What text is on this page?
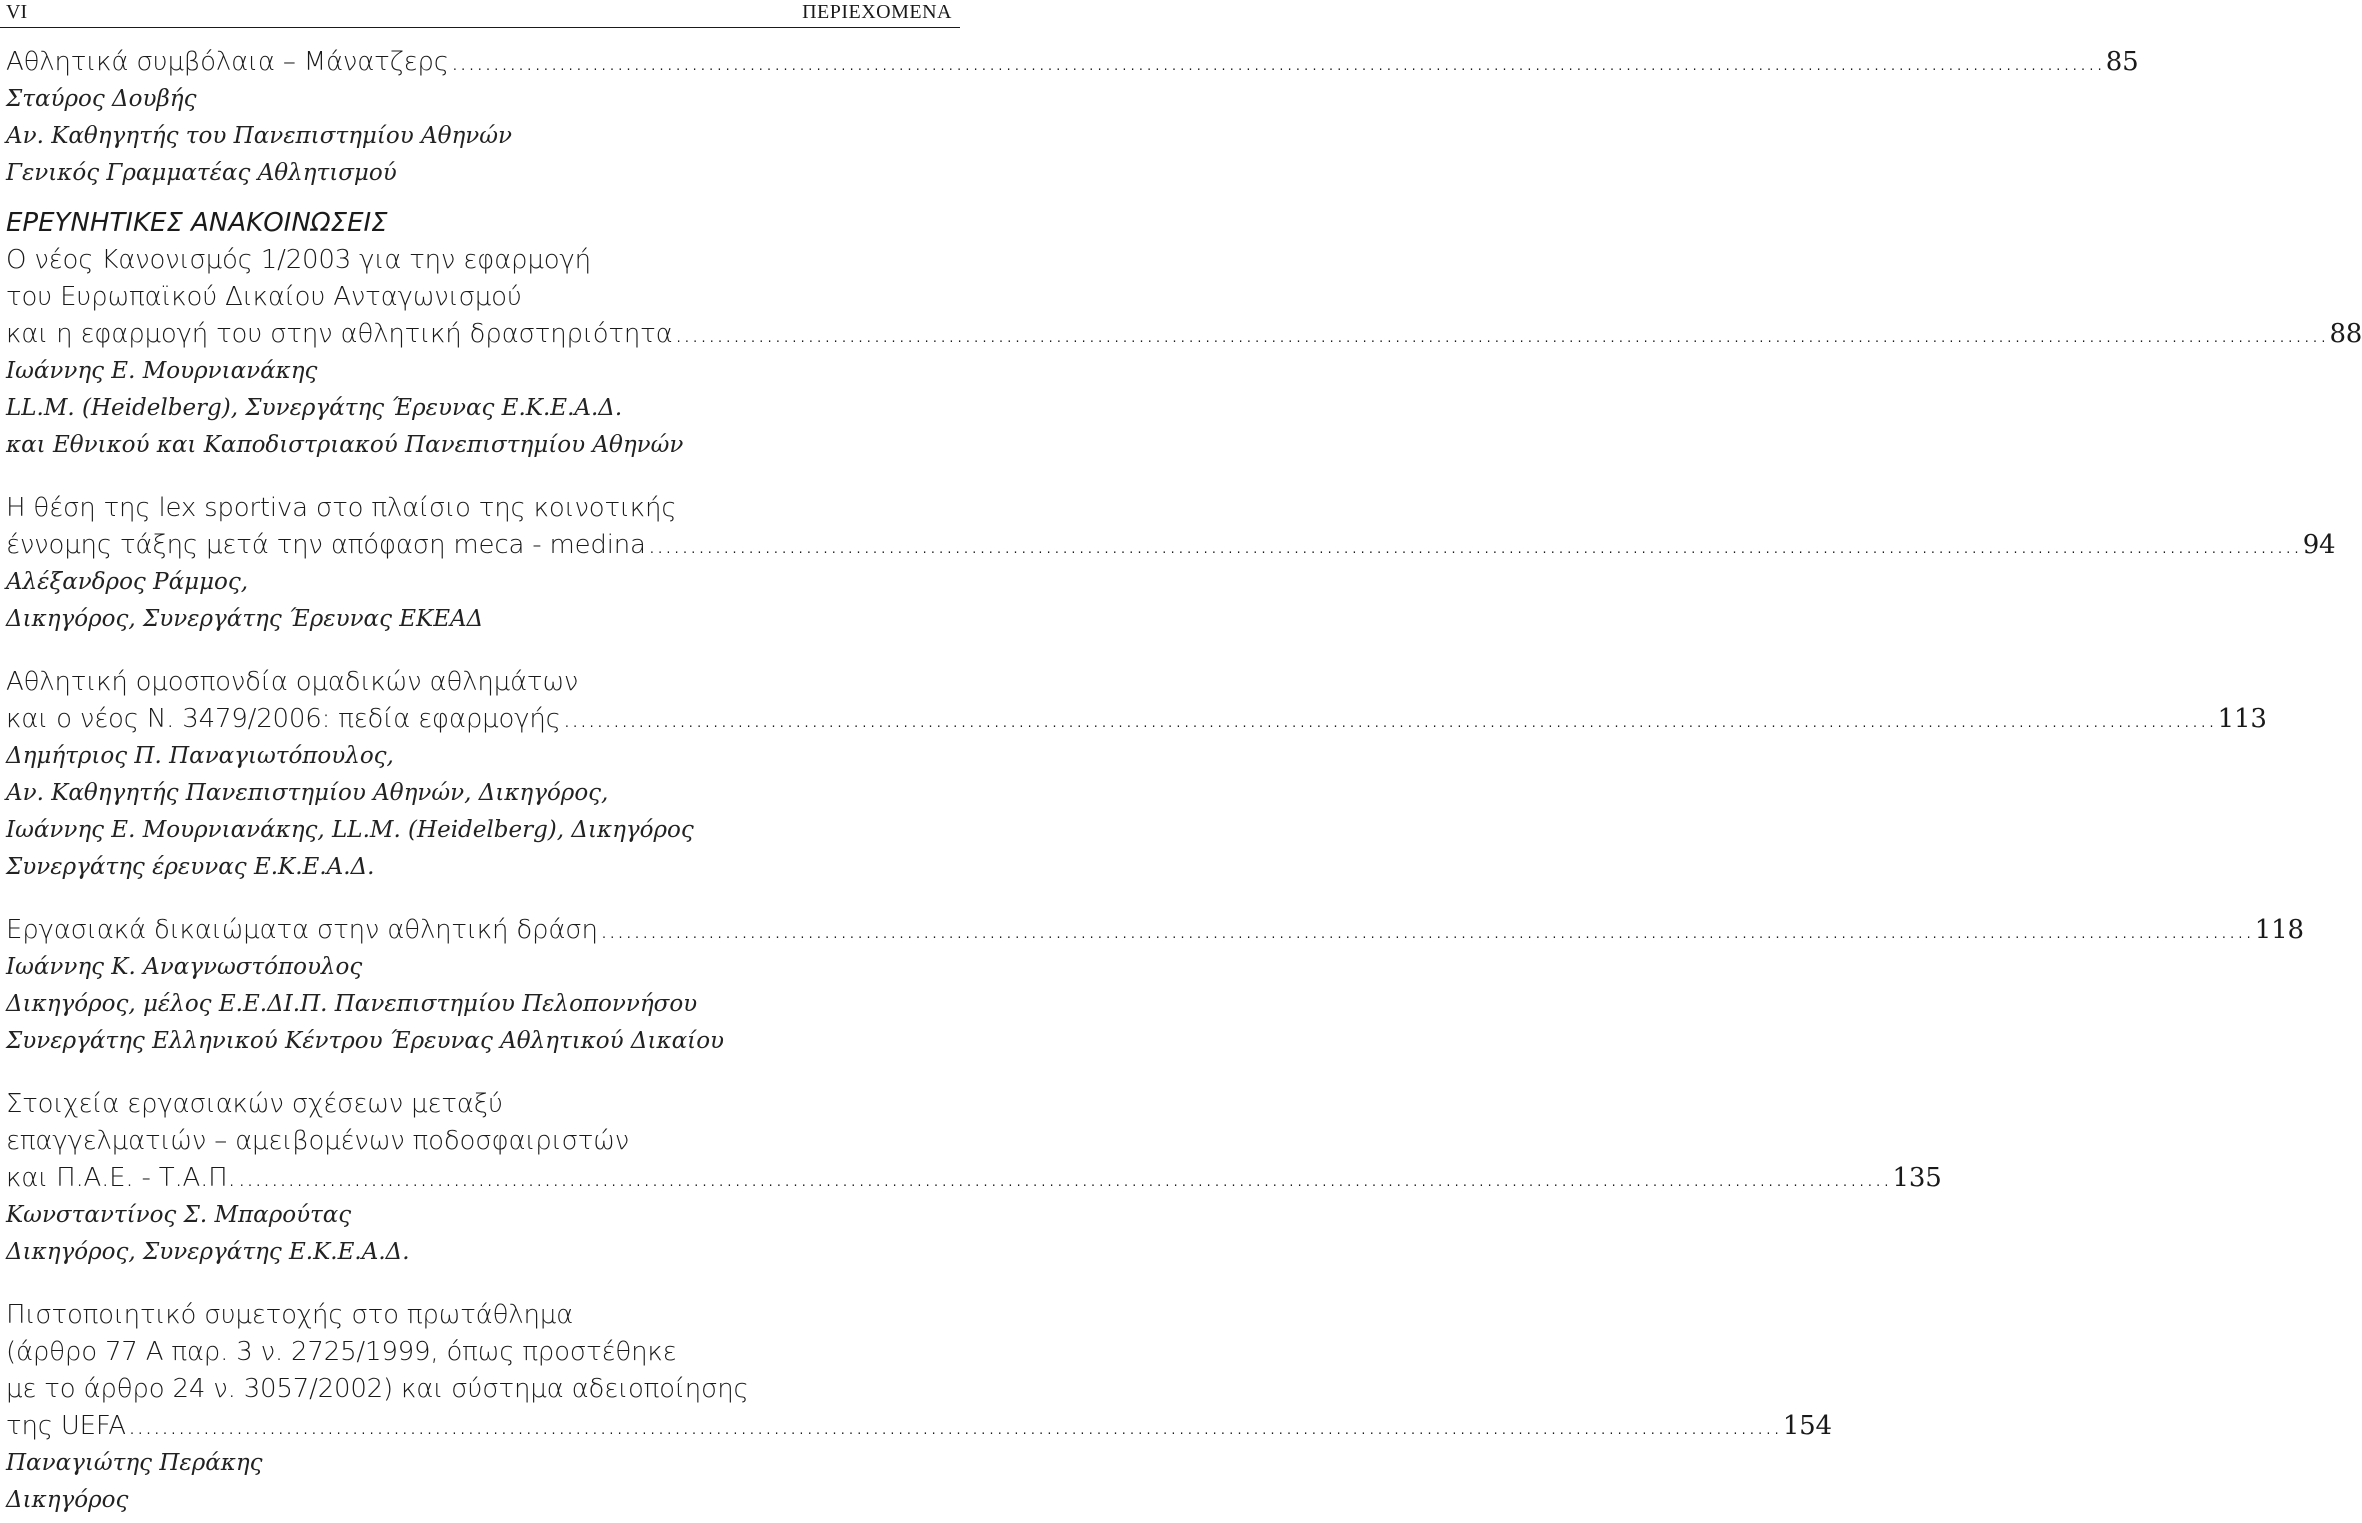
VI	ΠΕΡΙΕΧΟΜΕΝΑ
Αθλητικά συμβόλαια – Μάνατζερς ........................................................................................................................................................................................................ 85
Σταύρος Δουβής
Αν. Καθηγητής του Πανεπιστημίου Αθηνών
Γενικός Γραμματέας Αθλητισμού
ΕΡΕΥΝΗΤΙΚΕΣ ΑΝΑΚΟΙΝΩΣΕΙΣ
Ο νέος Κανονισμός 1/2003 για την εφαρμογή
του Ευρωπαϊκού Δικαίου Ανταγωνισμού
και η εφαρμογή του στην αθλητική δραστηριότητα ........................................................................................................................................................................................................ 88
Ιωάννης Ε. Μουρνιανάκης
LL.M. (Heidelberg), Συνεργάτης Έρευνας Ε.Κ.Ε.Α.Δ.
και Εθνικού και Καποδιστριακού Πανεπιστημίου Αθηνών
Η θέση της lex sportiva στο πλαίσιο της κοινοτικής
έννομης τάξης μετά την απόφαση meca - medina ........................................................................................................................................................................................................ 94
Αλέξανδρος Ράμμος,
Δικηγόρος, Συνεργάτης Έρευνας ΕΚΕΑΔ
Αθλητική ομοσπονδία ομαδικών αθλημάτων
και ο νέος Ν. 3479/2006: πεδία εφαρμογής ........................................................................................................................................................................................................ 113
Δημήτριος Π. Παναγιωτόπουλος,
Αν. Καθηγητής Πανεπιστημίου Αθηνών, Δικηγόρος,
Ιωάννης Ε. Μουρνιανάκης, LL.M. (Heidelberg), Δικηγόρος
Συνεργάτης έρευνας Ε.Κ.Ε.Α.Δ.
Εργασιακά δικαιώματα στην αθλητική δράση ........................................................................................................................................................................................................ 118
Ιωάννης Κ. Αναγνωστόπουλος
Δικηγόρος, μέλος Ε.Ε.ΔΙ.Π. Πανεπιστημίου Πελοποννήσου
Συνεργάτης Ελληνικού Κέντρου Έρευνας Αθλητικού Δικαίου
Στοιχεία εργασιακών σχέσεων μεταξύ
επαγγελματιών – αμειβομένων ποδοσφαιριστών
και Π.Α.Ε. - Τ.Α.Π. ........................................................................................................................................................................................................ 135
Κωνσταντίνος Σ. Μπαρούτας
Δικηγόρος, Συνεργάτης Ε.Κ.Ε.Α.Δ.
Πιστοποιητικό συμετοχής στο πρωτάθλημα
(άρθρο 77 Α παρ. 3 ν. 2725/1999, όπως προστέθηκε
με το άρθρο 24 ν. 3057/2002) και σύστημα αδειοποίησης
της UEFA ........................................................................................................................................................................................................ 154
Παναγιώτης Περάκης
Δικηγόρος
